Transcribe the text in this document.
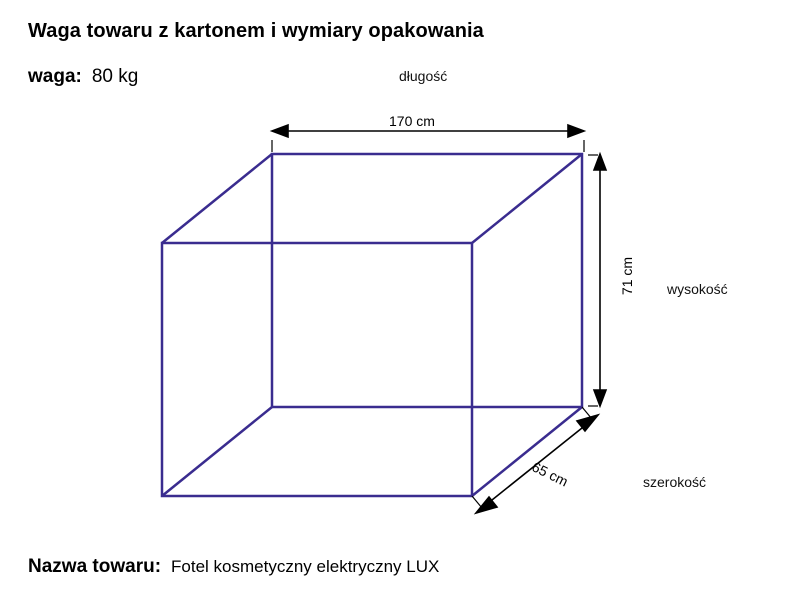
Waga towaru z kartonem i wymiary opakowania
waga: 80 kg	długość
wysokość
szerokość
170 cm
71 cm
65 cm
Nazwa towaru: Fotel kosmetyczny elektryczny LUX
